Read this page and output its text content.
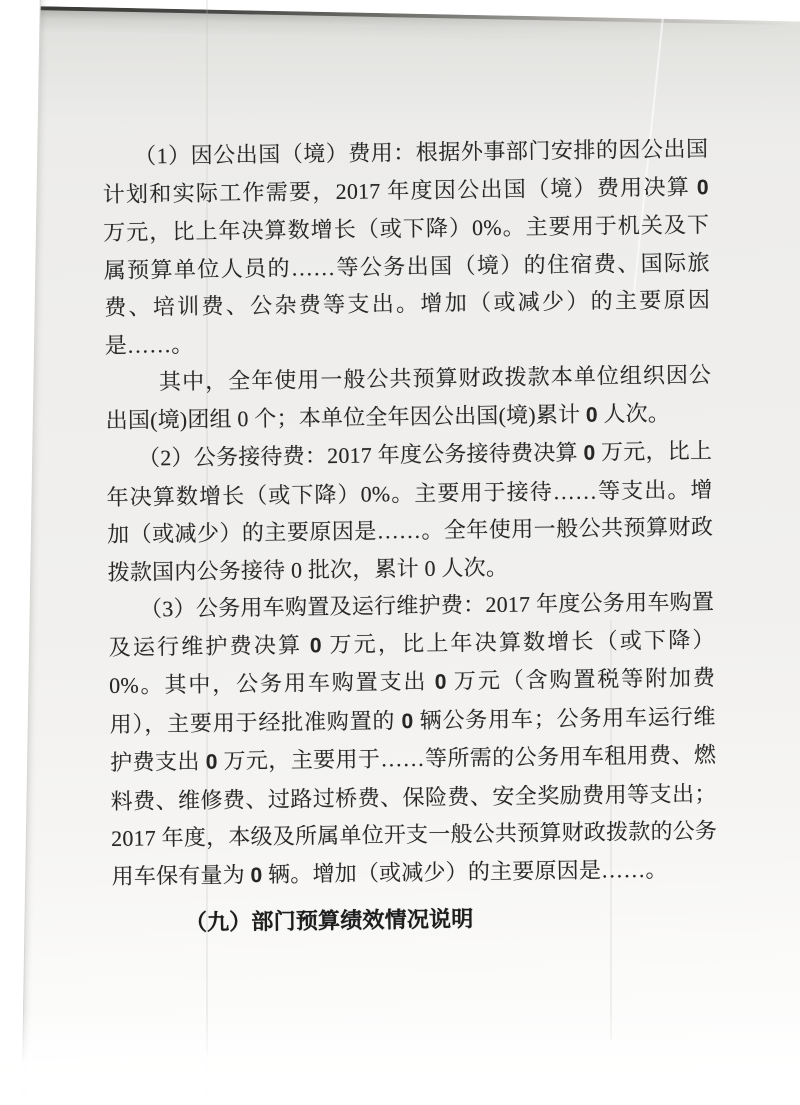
（1）因公出国（境）费用：根据外事部门安排的因公出国计划和实际工作需要，2017 年度因公出国（境）费用决算 0 万元，比上年决算数增长（或下降）0%。主要用于机关及下属预算单位人员的……等公务出国（境）的住宿费、国际旅费、培训费、公杂费等支出。增加（或减少）的主要原因是……。

其中，全年使用一般公共预算财政拨款本单位组织因公出国(境)团组 0 个；本单位全年因公出国(境)累计 0 人次。

（2）公务接待费：2017 年度公务接待费决算 0 万元，比上年决算数增长（或下降）0%。主要用于接待……等支出。增加（或减少）的主要原因是……。全年使用一般公共预算财政拨款国内公务接待 0 批次，累计 0 人次。

（3）公务用车购置及运行维护费：2017 年度公务用车购置及运行维护费决算 0 万元，比上年决算数增长（或下降）0%。其中，公务用车购置支出 0 万元（含购置税等附加费用），主要用于经批准购置的 0 辆公务用车；公务用车运行维护费支出 0 万元，主要用于……等所需的公务用车租用费、燃料费、维修费、过路过桥费、保险费、安全奖励费用等支出；2017 年度，本级及所属单位开支一般公共预算财政拨款的公务用车保有量为 0 辆。增加（或减少）的主要原因是……。

（九）部门预算绩效情况说明
